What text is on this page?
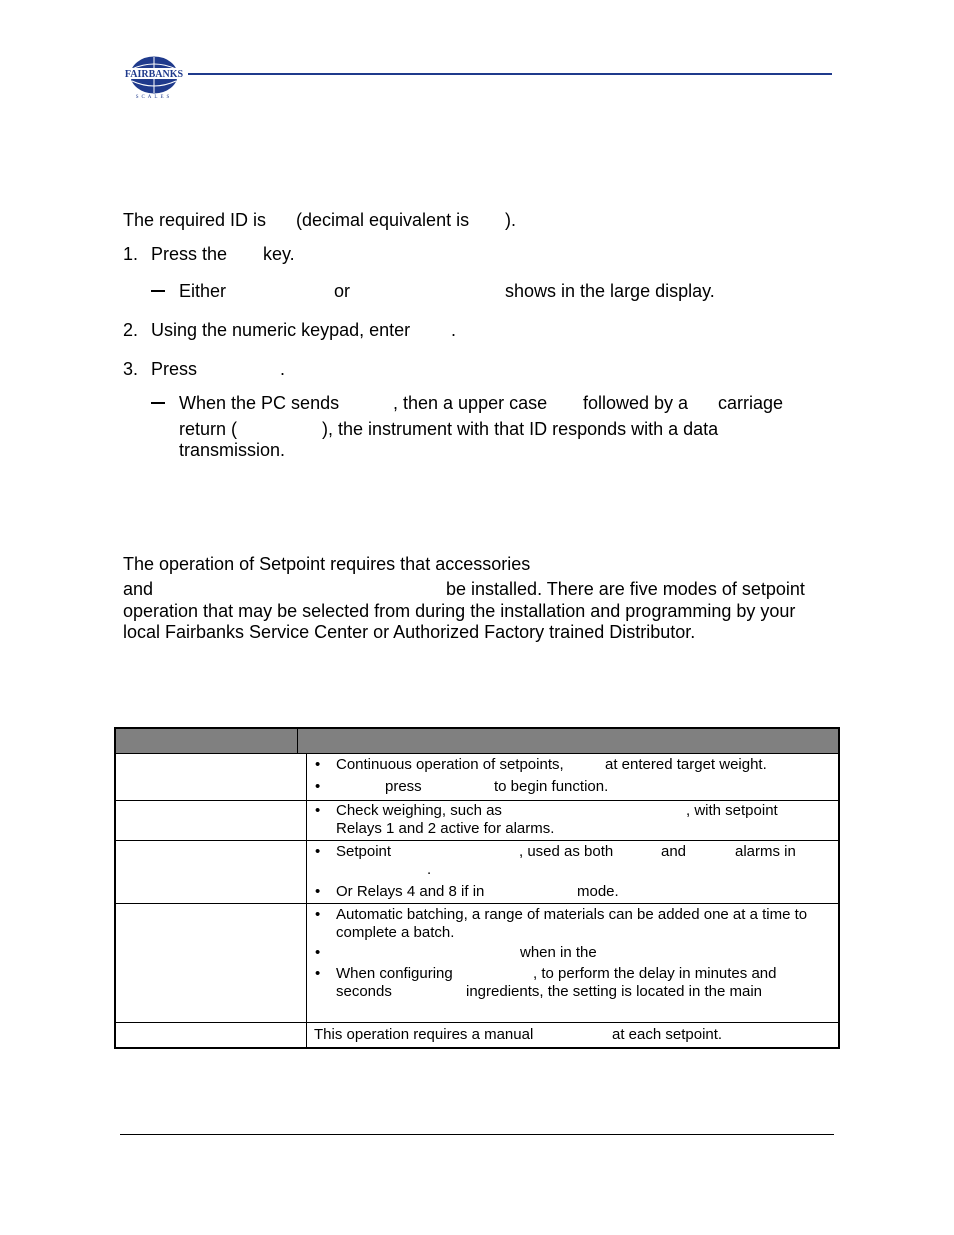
FAIRBANKS
SCALES
The required ID is (decimal equivalent is ).
1. Press the key.
Either	or	shows in the large display.
2. Using the numeric keypad, enter .
3. Press	.
When the PC sends	, then a upper case followed by a carriage
return (	), the instrument with that ID responds with a data
transmission.
The operation of Setpoint requires that accessories
and	be installed. There are five modes of setpoint
operation that may be selected from during the installation and programming by your
local Fairbanks Service Center or Authorized Factory trained Distributor.
• Continuous operation of setpoints,	at entered target weight.
•	press	to begin function.
• Check weighing, such as	, with setpoint
Relays 1 and 2 active for alarms.
• Setpoint	, used as both	and	alarms in
.
• Or Relays 4 and 8 if in	mode.
• Automatic batching, a range of materials can be added one at a time to
complete a batch.
•	when in the
• When configuring	, to perform the delay in minutes and
seconds	ingredients, the setting is located in the main
This operation requires a manual	at each setpoint.
